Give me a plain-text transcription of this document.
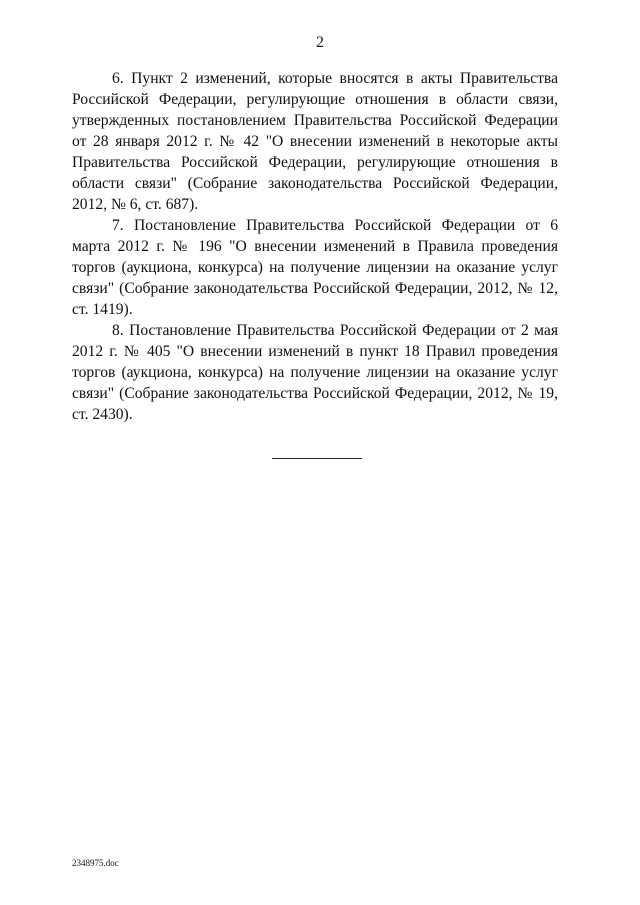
2

6. Пункт 2 изменений, которые вносятся в акты Правительства Российской Федерации, регулирующие отношения в области связи, утвержденных постановлением Правительства Российской Федерации от 28 января 2012 г. № 42 "О внесении изменений в некоторые акты Правительства Российской Федерации, регулирующие отношения в области связи" (Собрание законодательства Российской Федерации, 2012, № 6, ст. 687).

7. Постановление Правительства Российской Федерации от 6 марта 2012 г. № 196 "О внесении изменений в Правила проведения торгов (аукциона, конкурса) на получение лицензии на оказание услуг связи" (Собрание законодательства Российской Федерации, 2012, № 12, ст. 1419).

8. Постановление Правительства Российской Федерации от 2 мая 2012 г. № 405 "О внесении изменений в пункт 18 Правил проведения торгов (аукциона, конкурса) на получение лицензии на оказание услуг связи" (Собрание законодательства Российской Федерации, 2012, № 19, ст. 2430).

2348975.doc
